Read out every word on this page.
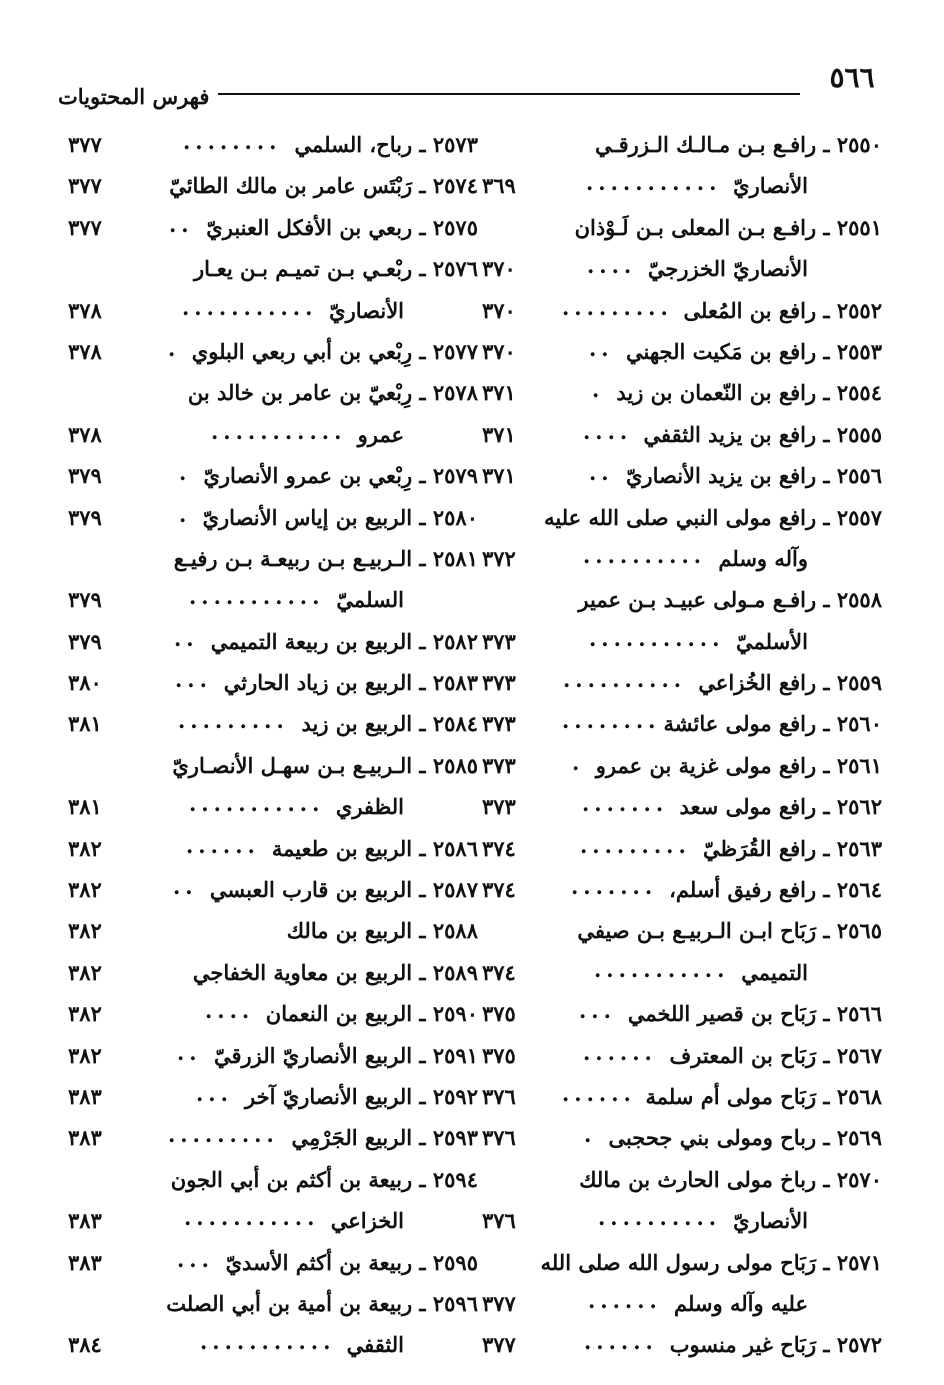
٥٦٦
فهرس المحتويات
٢٥٥٠ ـ رافـع بـن مـالـك الـزرقـي
الأنصاريّ
...........
٣٦٩
٢٥٥١ ـ رافـع بـن المعلى بـن لَـوْذان
الأنصاريّ الخزرجيّ
....
٣٧٠
٢٥٥٢ ـ رافع بن المُعلى
.........
٣٧٠
٢٥٥٣ ـ رافع بن مَكيت الجهني
..
٣٧٠
٢٥٥٤ ـ رافع بن النّعمان بن زيد
.
٣٧١
٢٥٥٥ ـ رافع بن يزيد الثقفي
....
٣٧١
٢٥٥٦ ـ رافع بن يزيد الأنصاريّ
..
٣٧١
٢٥٥٧ ـ رافع مولى النبي صلى الله عليه
وآله وسلم
..........
٣٧٢
٢٥٥٨ ـ رافـع مـولى عبيـد بـن عمير
الأسلميّ
...........
٣٧٣
٢٥٥٩ ـ رافع الخُزاعي
..........
٣٧٣
٢٥٦٠ ـ رافع مولى عائشة
........
٣٧٣
٢٥٦١ ـ رافع مولى غزية بن عمرو
.
٣٧٣
٢٥٦٢ ـ رافع مولى سعد
.......
٣٧٣
٢٥٦٣ ـ رافع القُرَظيّ
.........
٣٧٤
٢٥٦٤ ـ رافع رفيق أسلم،
.......
٣٧٤
٢٥٦٥ ـ رَبَاح ابـن الـربيـع بـن صيفي
التميمي
...........
٣٧٤
٢٥٦٦ ـ رَبَاح بن قصير اللخمي
...
٣٧٥
٢٥٦٧ ـ رَبَاح بن المعترف
......
٣٧٥
٢٥٦٨ ـ رَبَاح مولى أم سلمة
......
٣٧٦
٢٥٦٩ ـ رباح ومولى بني جحجبى
.
٣٧٦
٢٥٧٠ ـ رباخ مولى الحارث بن مالك
الأنصاريّ
..........
٣٧٦
٢٥٧١ ـ رَبَاح مولى رسول الله صلى الله
عليه وآله وسلم
......
٣٧٧
٢٥٧٢ ـ رَبَاح غير منسوب
......
٣٧٧
٢٥٧٣ ـ رباح، السلمي
........
٣٧٧
٢٥٧٤ ـ رَبْتَس عامر بن مالك الطائيّ
٣٧٧
٢٥٧٥ ـ ربعي بن الأفكل العنبريّ
..
٣٧٧
٢٥٧٦ ـ ربْعـي بـن تميـم بـن يعـار
الأنصاريّ
...........
٣٧٨
٢٥٧٧ ـ رِبْعي بن أبي ربعي البلوي
.
٣٧٨
٢٥٧٨ ـ رِبْعيّ بن عامر بن خالد بن
عمرو
...........
٣٧٨
٢٥٧٩ ـ رِبْعي بن عمرو الأنصاريّ
.
٣٧٩
٢٥٨٠ ـ الربيع بن إياس الأنصاريّ
.
٣٧٩
٢٥٨١ ـ الـربيـع بـن ربيعـة بـن رفيـع
السلميّ
...........
٣٧٩
٢٥٨٢ ـ الربيع بن ربيعة التميمي
..
٣٧٩
٢٥٨٣ ـ الربيع بن زياد الحارثي
...
٣٨٠
٢٥٨٤ ـ الربيع بن زيد
.........
٣٨١
٢٥٨٥ ـ الـربيـع بـن سهـل الأنصـاريّ
الظفري
...........
٣٨١
٢٥٨٦ ـ الربيع بن طعيمة
......
٣٨٢
٢٥٨٧ ـ الربيع بن قارب العبسي
..
٣٨٢
٢٥٨٨ ـ الربيع بن مالك
٣٨٢
٢٥٨٩ ـ الربيع بن معاوية الخفاجي
٣٨٢
٢٥٩٠ ـ الربيع بن النعمان
....
٣٨٢
٢٥٩١ ـ الربيع الأنصاريّ الزرقيّ
..
٣٨٢
٢٥٩٢ ـ الربيع الأنصاريّ آخر
...
٣٨٣
٢٥٩٣ ـ الربيع الجَرْمِي
.........
٣٨٣
٢٥٩٤ ـ ربيعة بن أكثم بن أبي الجون
الخزاعي
...........
٣٨٣
٢٥٩٥ ـ ربيعة بن أكثم الأسديّ
...
٣٨٣
٢٥٩٦ ـ ربيعة بن أمية بن أبي الصلت
الثقفي
...........
٣٨٤
